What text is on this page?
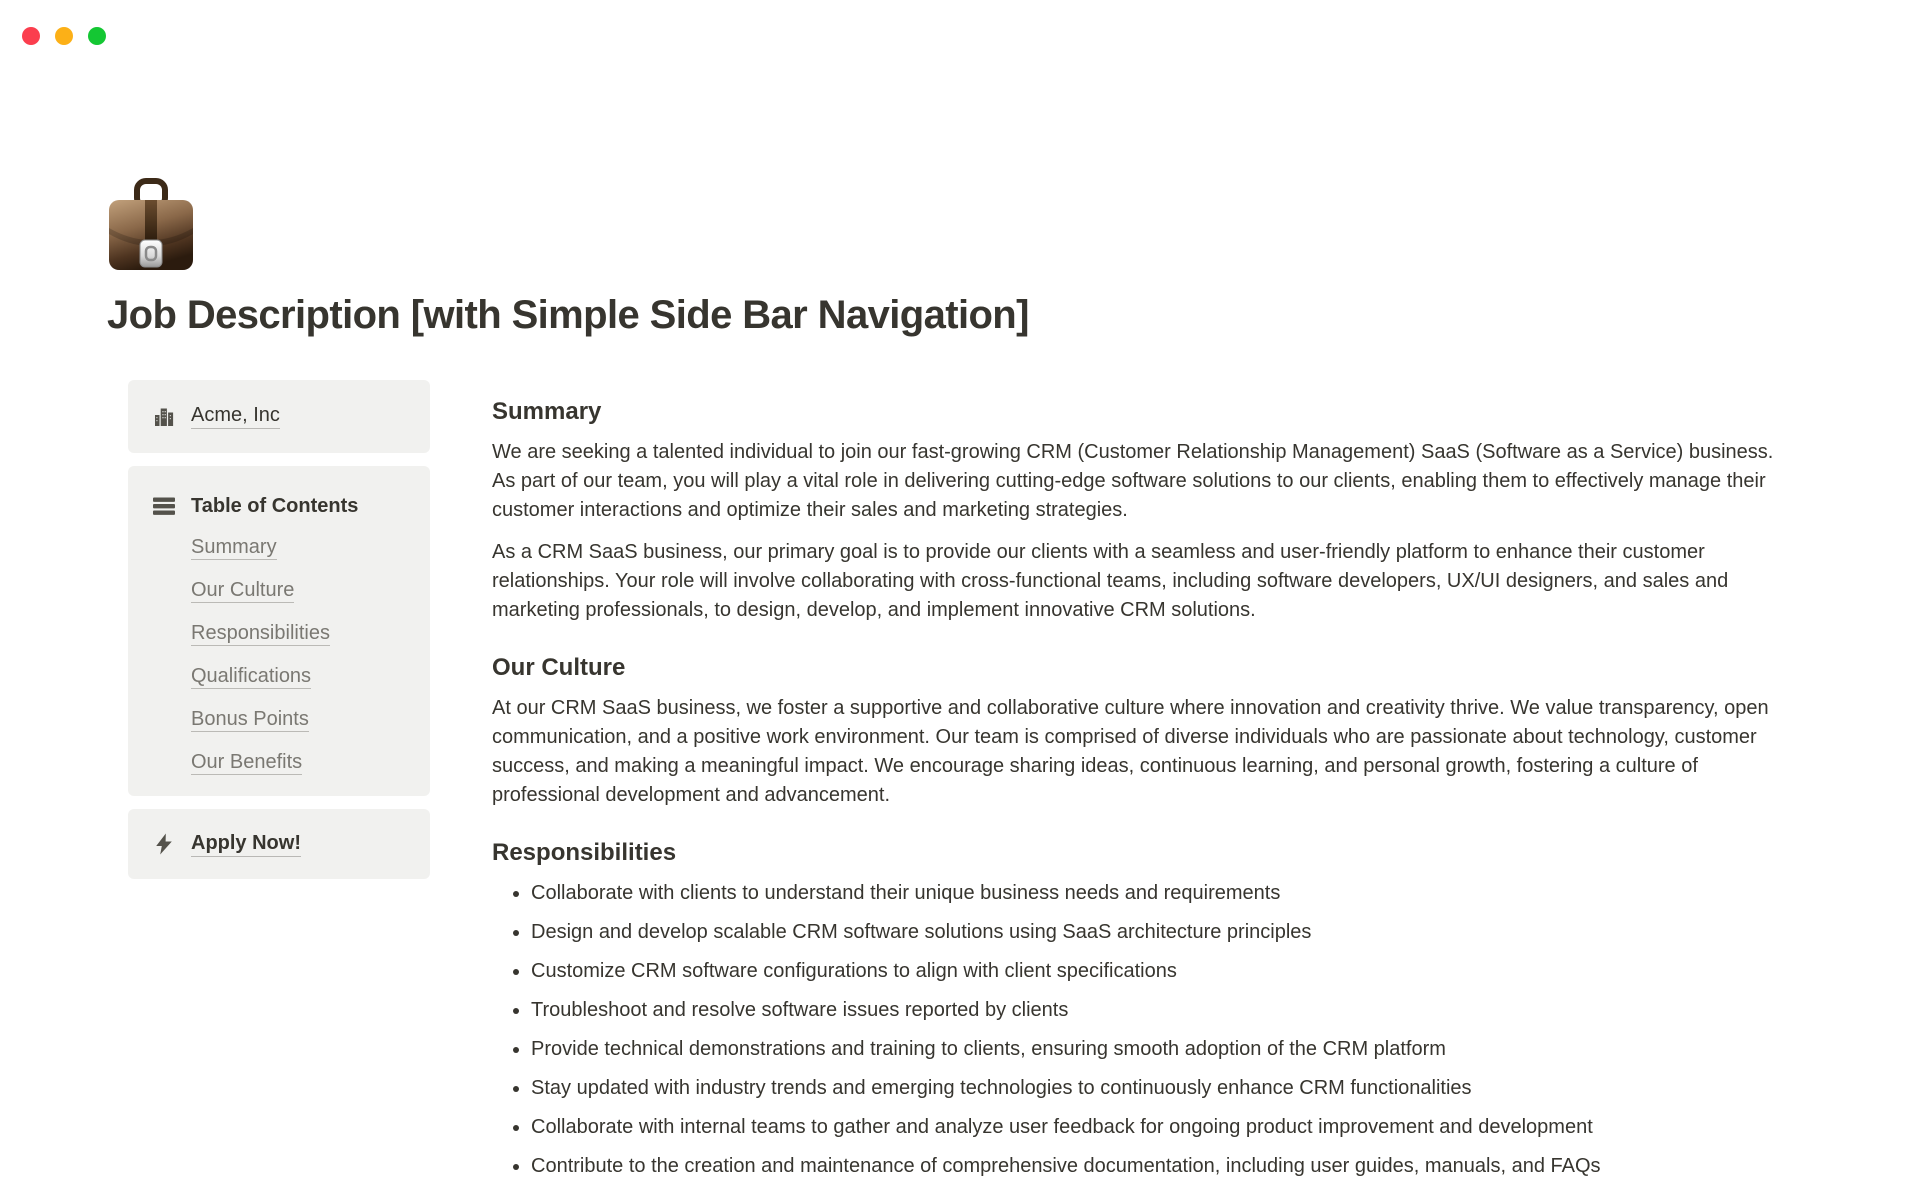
Job Description [with Simple Side Bar Navigation]
Acme, Inc
Table of Contents
Summary
Our Culture
Responsibilities
Qualifications
Bonus Points
Our Benefits
Apply Now!
Summary

We are seeking a talented individual to join our fast-growing CRM (Customer Relationship Management) SaaS (Software as a Service) business. As part of our team, you will play a vital role in delivering cutting-edge software solutions to our clients, enabling them to effectively manage their customer interactions and optimize their sales and marketing strategies.

As a CRM SaaS business, our primary goal is to provide our clients with a seamless and user-friendly platform to enhance their customer relationships. Your role will involve collaborating with cross-functional teams, including software developers, UX/UI designers, and sales and marketing professionals, to design, develop, and implement innovative CRM solutions.

Our Culture

At our CRM SaaS business, we foster a supportive and collaborative culture where innovation and creativity thrive. We value transparency, open communication, and a positive work environment. Our team is comprised of diverse individuals who are passionate about technology, customer success, and making a meaningful impact. We encourage sharing ideas, continuous learning, and personal growth, fostering a culture of professional development and advancement.

Responsibilities
• Collaborate with clients to understand their unique business needs and requirements
• Design and develop scalable CRM software solutions using SaaS architecture principles
• Customize CRM software configurations to align with client specifications
• Troubleshoot and resolve software issues reported by clients
• Provide technical demonstrations and training to clients, ensuring smooth adoption of the CRM platform
• Stay updated with industry trends and emerging technologies to continuously enhance CRM functionalities
• Collaborate with internal teams to gather and analyze user feedback for ongoing product improvement and development
• Contribute to the creation and maintenance of comprehensive documentation, including user guides, manuals, and FAQs
